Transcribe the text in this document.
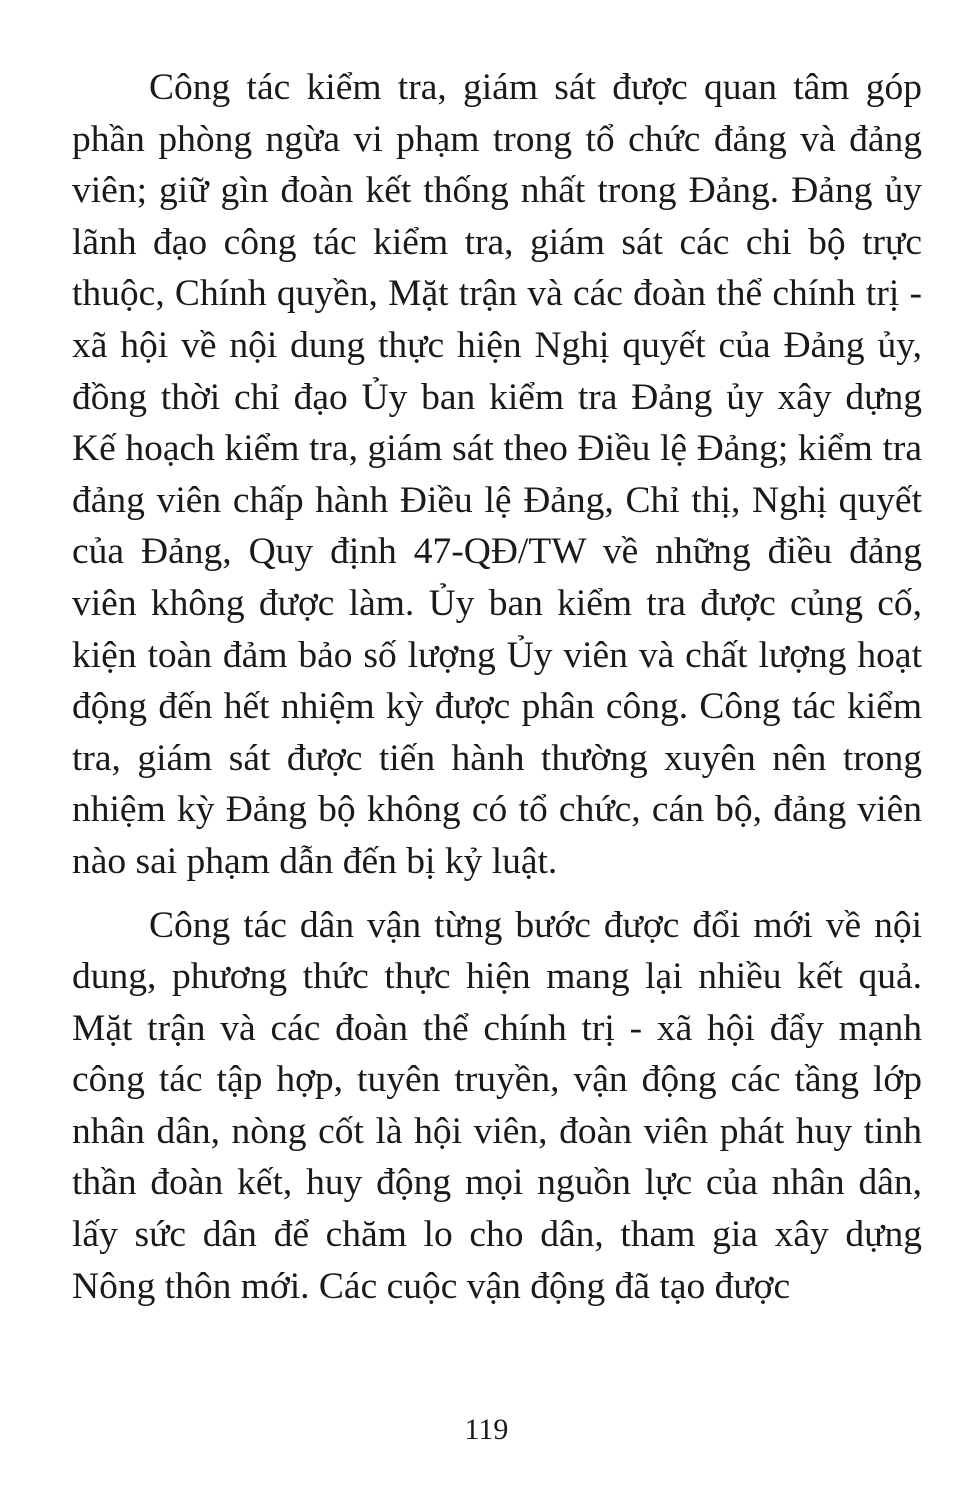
Công tác kiểm tra, giám sát được quan tâm góp phần phòng ngừa vi phạm trong tổ chức đảng và đảng viên; giữ gìn đoàn kết thống nhất trong Đảng. Đảng ủy lãnh đạo công tác kiểm tra, giám sát các chi bộ trực thuộc, Chính quyền, Mặt trận và các đoàn thể chính trị - xã hội về nội dung thực hiện Nghị quyết của Đảng ủy, đồng thời chỉ đạo Ủy ban kiểm tra Đảng ủy xây dựng Kế hoạch kiểm tra, giám sát theo Điều lệ Đảng; kiểm tra đảng viên chấp hành Điều lệ Đảng, Chỉ thị, Nghị quyết của Đảng, Quy định 47-QĐ/TW về những điều đảng viên không được làm. Ủy ban kiểm tra được củng cố, kiện toàn đảm bảo số lượng Ủy viên và chất lượng hoạt động đến hết nhiệm kỳ được phân công. Công tác kiểm tra, giám sát được tiến hành thường xuyên nên trong nhiệm kỳ Đảng bộ không có tổ chức, cán bộ, đảng viên nào sai phạm dẫn đến bị kỷ luật.

Công tác dân vận từng bước được đổi mới về nội dung, phương thức thực hiện mang lại nhiều kết quả. Mặt trận và các đoàn thể chính trị - xã hội đẩy mạnh công tác tập hợp, tuyên truyền, vận động các tầng lớp nhân dân, nòng cốt là hội viên, đoàn viên phát huy tinh thần đoàn kết, huy động mọi nguồn lực của nhân dân, lấy sức dân để chăm lo cho dân, tham gia xây dựng Nông thôn mới. Các cuộc vận động đã tạo được

119
